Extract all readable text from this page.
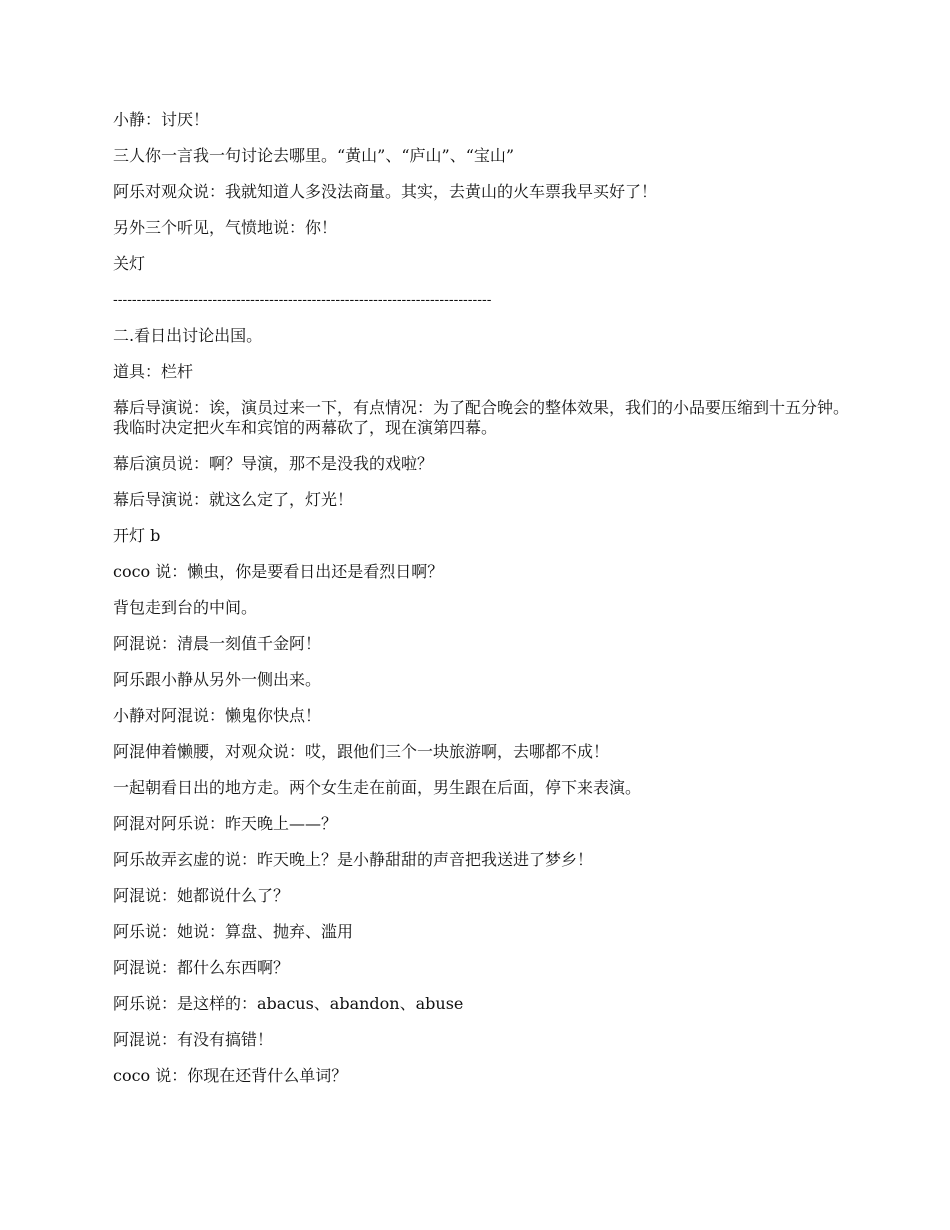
小静：讨厌！

三人你一言我一句讨论去哪里。“黄山”、“庐山”、“宝山”

阿乐对观众说：我就知道人多没法商量。其实，去黄山的火车票我早买好了！

另外三个听见，气愤地说：你！

关灯

--------------------------------------------------------------------------------

二.看日出讨论出国。

道具：栏杆

幕后导演说：诶，演员过来一下，有点情况：为了配合晚会的整体效果，我们的小品要压缩到十五分钟。我临时决定把火车和宾馆的两幕砍了，现在演第四幕。

幕后演员说：啊？导演，那不是没我的戏啦？

幕后导演说：就这么定了，灯光！

开灯 b

coco 说：懒虫，你是要看日出还是看烈日啊？

背包走到台的中间。

阿混说：清晨一刻值千金阿！

阿乐跟小静从另外一侧出来。

小静对阿混说：懒鬼你快点！

阿混伸着懒腰，对观众说：哎，跟他们三个一块旅游啊，去哪都不成！

一起朝看日出的地方走。两个女生走在前面，男生跟在后面，停下来表演。

阿混对阿乐说：昨天晚上——？

阿乐故弄玄虚的说：昨天晚上？是小静甜甜的声音把我送进了梦乡！

阿混说：她都说什么了？

阿乐说：她说：算盘、抛弃、滥用

阿混说：都什么东西啊？

阿乐说：是这样的：abacus、abandon、abuse

阿混说：有没有搞错！

coco 说：你现在还背什么单词？
